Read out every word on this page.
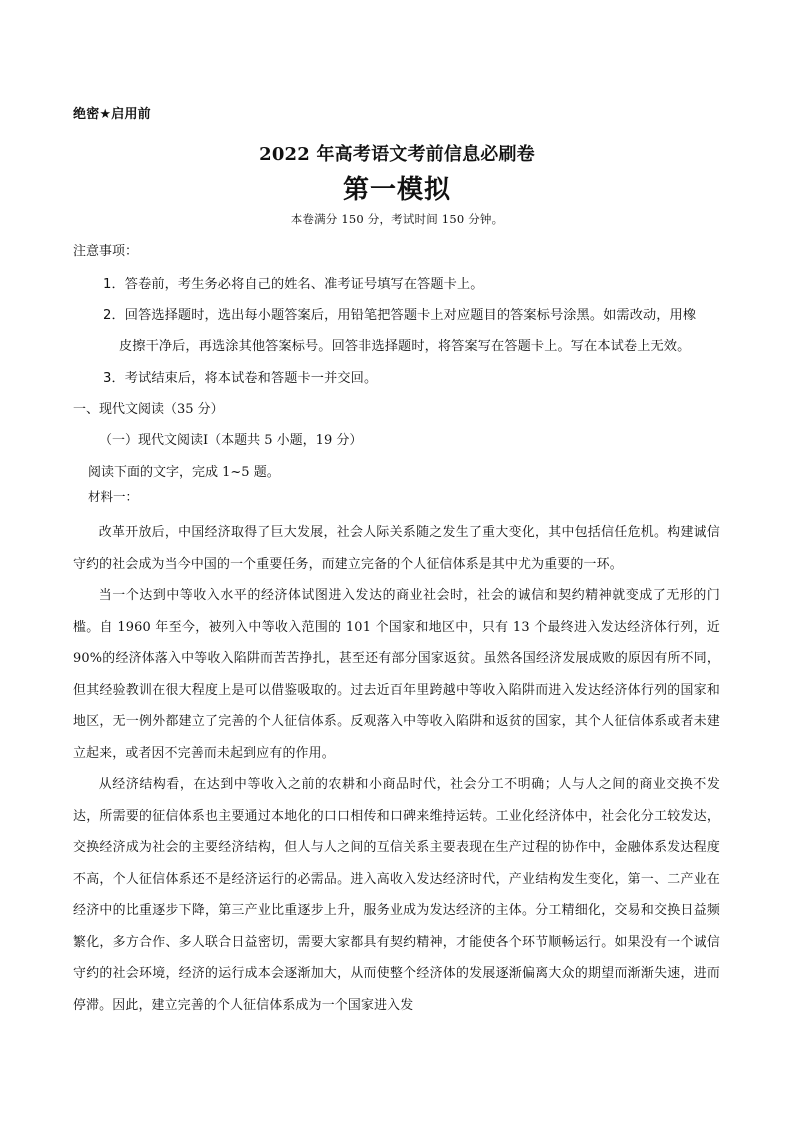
绝密★启用前
2022 年高考语文考前信息必刷卷
第一模拟
本卷满分 150 分，考试时间 150 分钟。
注意事项：
1．答卷前，考生务必将自己的姓名、准考证号填写在答题卡上。
2．回答选择题时，选出每小题答案后，用铅笔把答题卡上对应题目的答案标号涂黑。如需改动，用橡
皮擦干净后，再选涂其他答案标号。回答非选择题时，将答案写在答题卡上。写在本试卷上无效。
3．考试结束后，将本试卷和答题卡一并交回。
一、现代文阅读（35 分）
（一）现代文阅读Ⅰ（本题共 5 小题，19 分）
阅读下面的文字，完成 1~5 题。
材料一：

改革开放后，中国经济取得了巨大发展，社会人际关系随之发生了重大变化，其中包括信任危机。构建诚信守约的社会成为当今中国的一个重要任务，而建立完备的个人征信体系是其中尤为重要的一环。

当一个达到中等收入水平的经济体试图进入发达的商业社会时，社会的诚信和契约精神就变成了无形的门槛。自 1960 年至今，被列入中等收入范围的 101 个国家和地区中，只有 13 个最终进入发达经济体行列，近 90%的经济体落入中等收入陷阱而苦苦挣扎，甚至还有部分国家返贫。虽然各国经济发展成败的原因有所不同，但其经验教训在很大程度上是可以借鉴吸取的。过去近百年里跨越中等收入陷阱而进入发达经济体行列的国家和地区，无一例外都建立了完善的个人征信体系。反观落入中等收入陷阱和返贫的国家，其个人征信体系或者未建立起来，或者因不完善而未起到应有的作用。

从经济结构看，在达到中等收入之前的农耕和小商品时代，社会分工不明确；人与人之间的商业交换不发达，所需要的征信体系也主要通过本地化的口口相传和口碑来维持运转。工业化经济体中，社会化分工较发达，交换经济成为社会的主要经济结构，但人与人之间的互信关系主要表现在生产过程的协作中，金融体系发达程度不高，个人征信体系还不是经济运行的必需品。进入高收入发达经济时代，产业结构发生变化，第一、二产业在经济中的比重逐步下降，第三产业比重逐步上升，服务业成为发达经济的主体。分工精细化，交易和交换日益频繁化，多方合作、多人联合日益密切，需要大家都具有契约精神，才能使各个环节顺畅运行。如果没有一个诚信守约的社会环境，经济的运行成本会逐渐加大，从而使整个经济体的发展逐渐偏离大众的期望而渐渐失速，进而停滞。因此，建立完善的个人征信体系成为一个国家进入发
